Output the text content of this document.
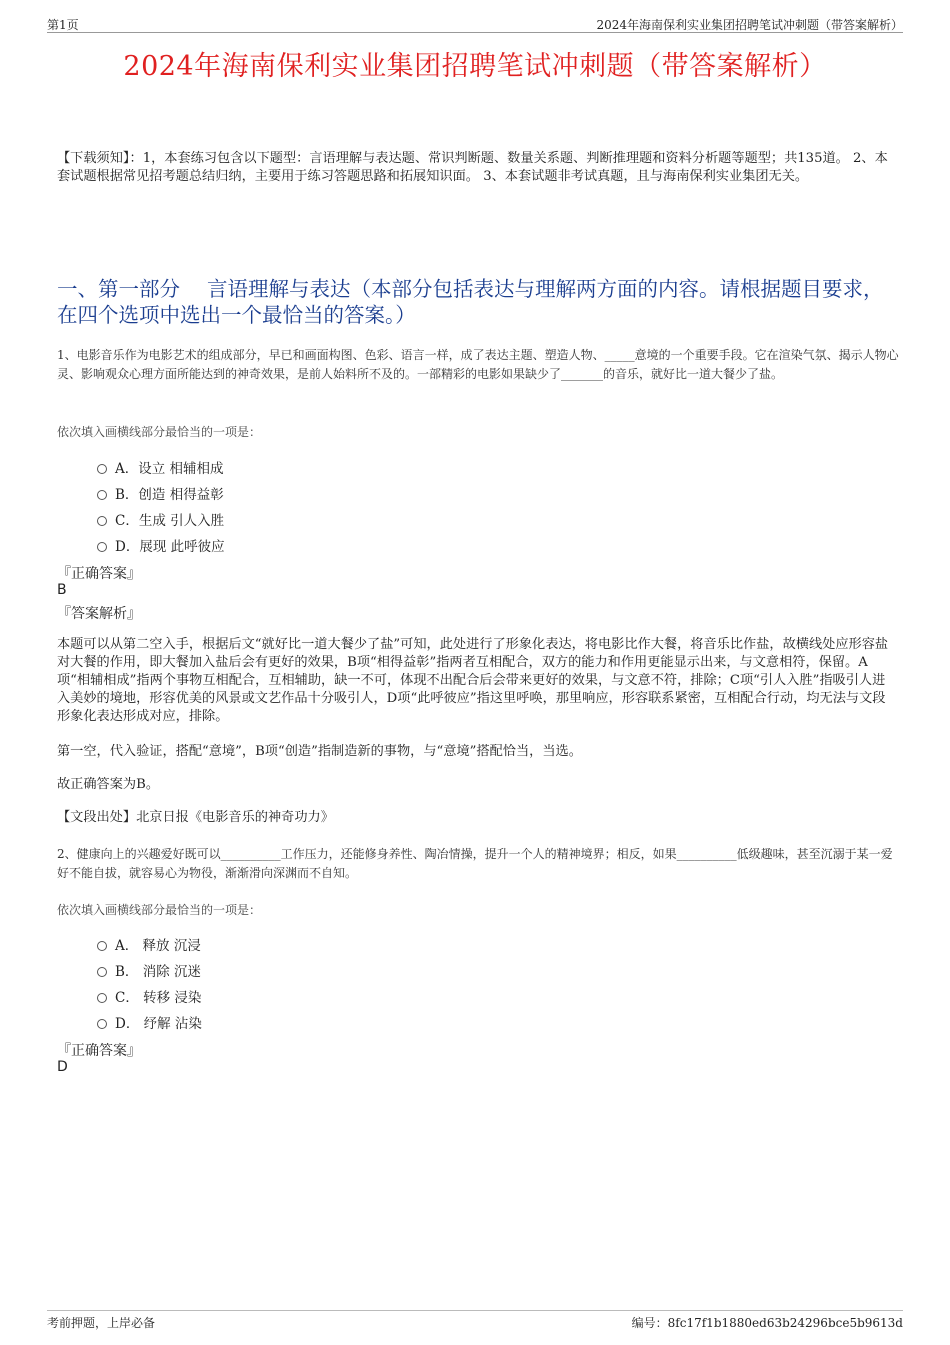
第1页	2024年海南保利实业集团招聘笔试冲刺题（带答案解析）
2024年海南保利实业集团招聘笔试冲刺题（带答案解析）
【下载须知】：1，本套练习包含以下题型：言语理解与表达题、常识判断题、数量关系题、判断推理题和资料分析题等题型；共135道。 2、本套试题根据常见招考题总结归纳，主要用于练习答题思路和拓展知识面。 3、本套试题非考试真题，且与海南保利实业集团无关。
一、第一部分　 言语理解与表达（本部分包括表达与理解两方面的内容。请根据题目要求，在四个选项中选出一个最恰当的答案。）
1、电影音乐作为电影艺术的组成部分，早已和画面构图、色彩、语言一样，成了表达主题、塑造人物、_____意境的一个重要手段。它在渲染气氛、揭示人物心灵、影响观众心理方面所能达到的神奇效果，是前人始料所不及的。一部精彩的电影如果缺少了_______的音乐，就好比一道大餐少了盐。
依次填入画横线部分最恰当的一项是：
A．设立 相辅相成
B．创造 相得益彰
C．生成 引人入胜
D．展现 此呼彼应
『正确答案』
B
『答案解析』
本题可以从第二空入手，根据后文“就好比一道大餐少了盐”可知，此处进行了形象化表达，将电影比作大餐，将音乐比作盐，故横线处应形容盐对大餐的作用，即大餐加入盐后会有更好的效果，B项“相得益彰”指两者互相配合，双方的能力和作用更能显示出来，与文意相符，保留。A项“相辅相成”指两个事物互相配合，互相辅助，缺一不可，体现不出配合后会带来更好的效果，与文意不符，排除；C项“引人入胜”指吸引人进入美妙的境地，形容优美的风景或文艺作品十分吸引人，D项“此呼彼应”指这里呼唤，那里响应，形容联系紧密，互相配合行动，均无法与文段形象化表达形成对应，排除。
第一空，代入验证，搭配“意境”，B项“创造”指制造新的事物，与“意境”搭配恰当，当选。
故正确答案为B。
【文段出处】北京日报《电影音乐的神奇功力》
2、健康向上的兴趣爱好既可以__________工作压力，还能修身养性、陶冶情操，提升一个人的精神境界；相反，如果__________低级趣味，甚至沉溺于某一爱好不能自拔，就容易心为物役，渐渐滑向深渊而不自知。
依次填入画横线部分最恰当的一项是：
A． 释放 沉浸
B． 消除 沉迷
C． 转移 浸染
D． 纾解 沾染
『正确答案』
D
考前押题，上岸必备	编号：8fc17f1b1880ed63b24296bce5b9613d
